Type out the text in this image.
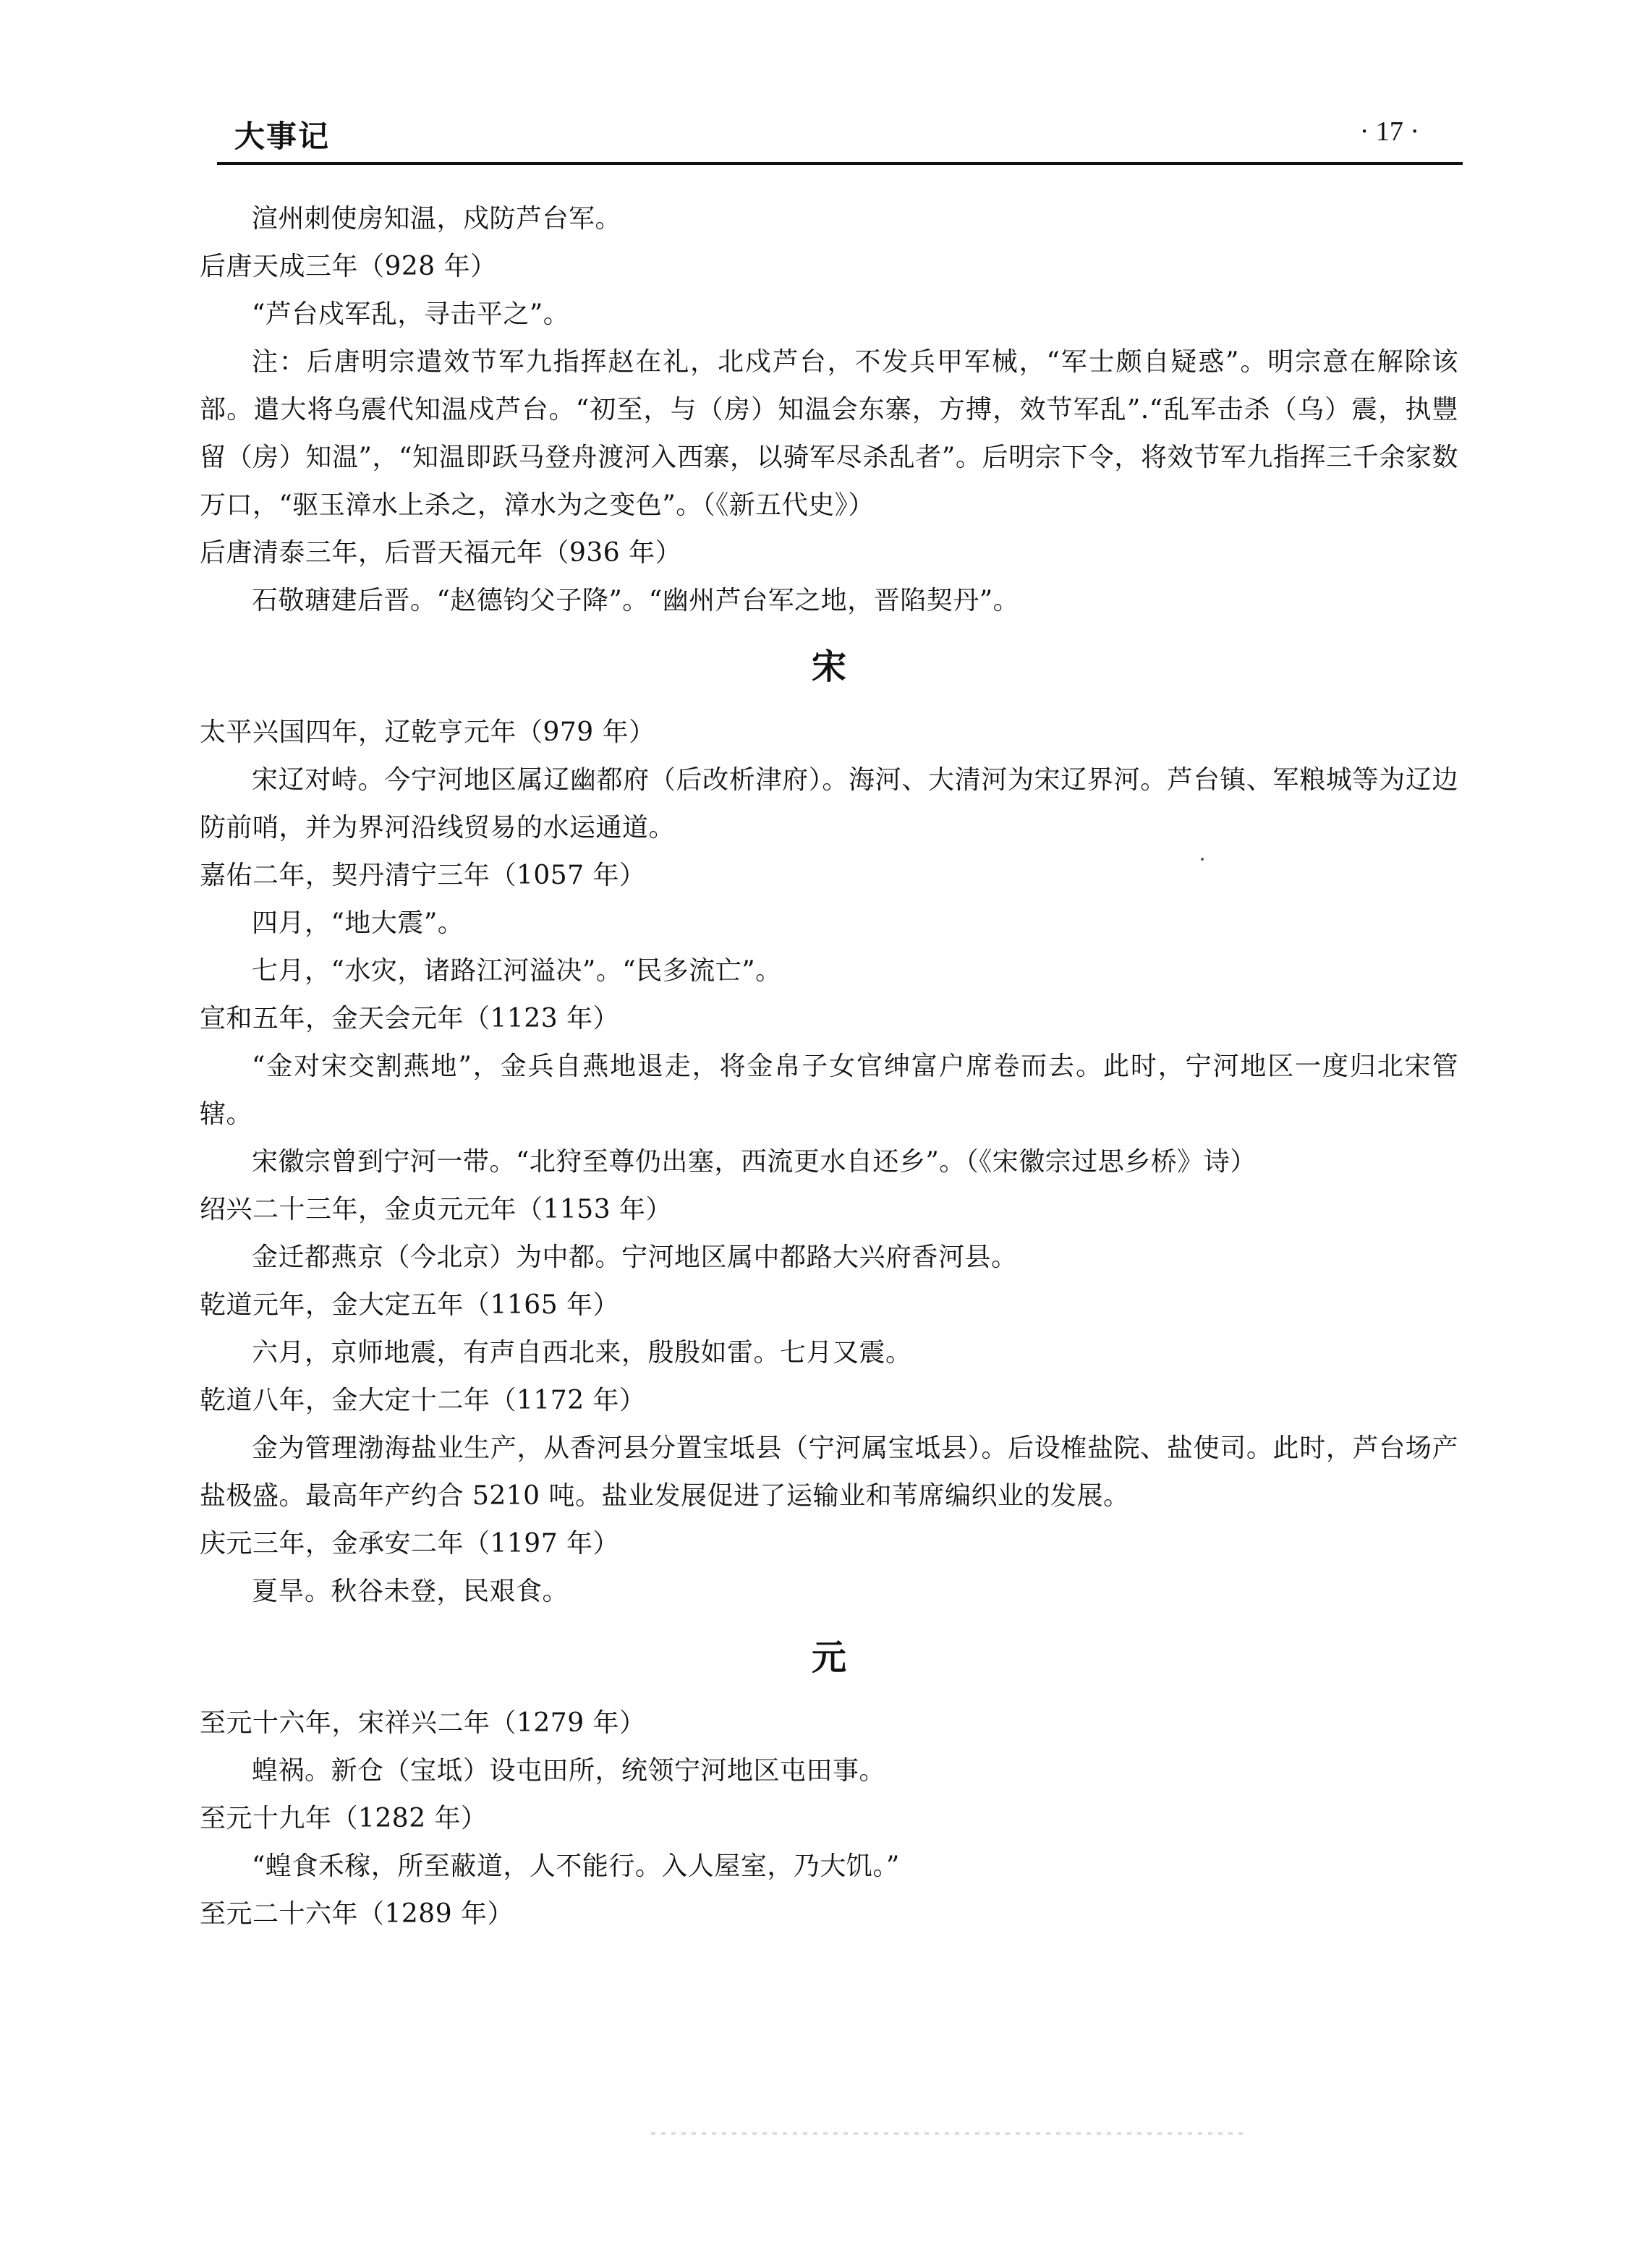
大事记	· 17 ·

渲州刺使房知温，戍防芦台军。

后唐天成三年（928 年）

“芦台戍军乱，寻击平之”。

注：后唐明宗遣效节军九指挥赵在礼，北戍芦台，不发兵甲军械，“军士颇自疑惑”。明宗意在解除该部。遣大将乌震代知温戍芦台。“初至，与（房）知温会东寨，方搏，效节军乱”.“乱军击杀（乌）震，执豐留（房）知温”，“知温即跃马登舟渡河入西寨，以骑军尽杀乱者”。后明宗下令，将效节军九指挥三千余家数万口，“驱玉漳水上杀之，漳水为之变色”。（《新五代史》）

后唐清泰三年，后晋天福元年（936 年）

石敬瑭建后晋。“赵德钧父子降”。“幽州芦台军之地，晋陷契丹”。

宋

太平兴国四年，辽乾亨元年（979 年）

宋辽对峙。今宁河地区属辽幽都府（后改析津府）。海河、大清河为宋辽界河。芦台镇、军粮城等为辽边防前哨，并为界河沿线贸易的水运通道。

嘉佑二年，契丹清宁三年（1057 年）

四月，“地大震”。

七月，“水灾，诸路江河溢决”。“民多流亡”。

宣和五年，金天会元年（1123 年）

“金对宋交割燕地”，金兵自燕地退走，将金帛子女官绅富户席卷而去。此时，宁河地区一度归北宋管辖。

宋徽宗曾到宁河一带。“北狩至尊仍出塞，西流更水自还乡”。（《宋徽宗过思乡桥》诗）

绍兴二十三年，金贞元元年（1153 年）

金迁都燕京（今北京）为中都。宁河地区属中都路大兴府香河县。

乾道元年，金大定五年（1165 年）

六月，京师地震，有声自西北来，殷殷如雷。七月又震。

乾道八年，金大定十二年（1172 年）

金为管理渤海盐业生产，从香河县分置宝坻县（宁河属宝坻县）。后设榷盐院、盐使司。此时，芦台场产盐极盛。最高年产约合 5210 吨。盐业发展促进了运输业和苇席编织业的发展。

庆元三年，金承安二年（1197 年）

夏旱。秋谷未登，民艰食。

元

至元十六年，宋祥兴二年（1279 年）

蝗祸。新仓（宝坻）设屯田所，统领宁河地区屯田事。

至元十九年（1282 年）

“蝗食禾稼，所至蔽道，人不能行。入人屋室，乃大饥。”

至元二十六年（1289 年）
